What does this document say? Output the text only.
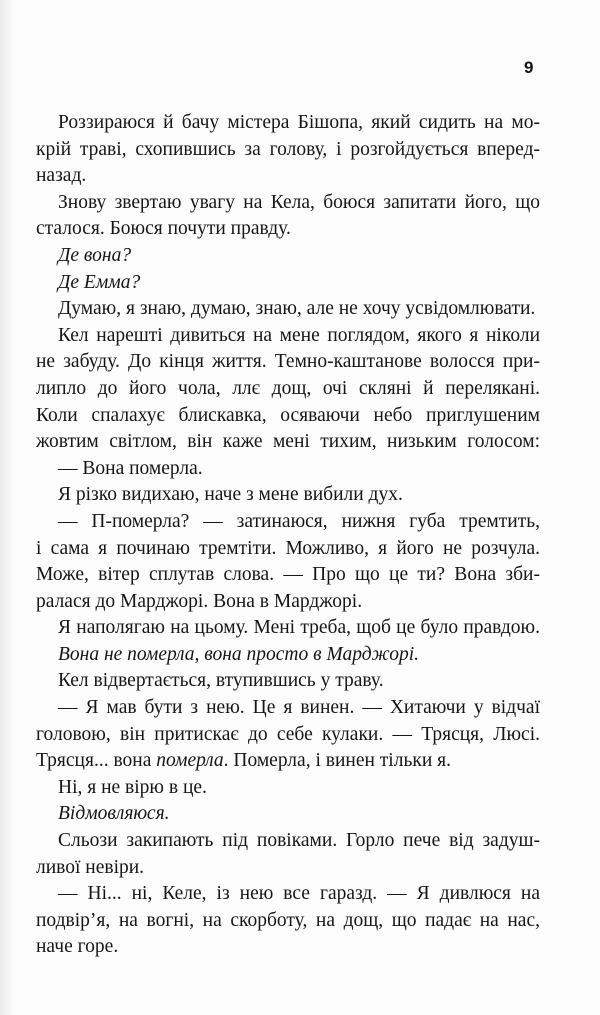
9
Роззираюся й бачу містера Бішопа, який сидить на мо-
крій траві, схопившись за голову, і розгойдується вперед-
назад.
Знову звертаю увагу на Кела, боюся запитати його, що
сталося. Боюся почути правду.
Де вона?
Де Емма?
Думаю, я знаю, думаю, знаю, але не хочу усвідомлювати.
Кел нарешті дивиться на мене поглядом, якого я ніколи
не забуду. До кінця життя. Темно-каштанове волосся при-
липло до його чола, ллє дощ, очі скляні й перелякані.
Коли спалахує блискавка, осяваючи небо приглушеним
жовтим світлом, він каже мені тихим, низьким голосом:
— Вона померла.
Я різко видихаю, наче з мене вибили дух.
— П-померла? — затинаюся, нижня губа тремтить,
і сама я починаю тремтіти. Можливо, я його не розчула.
Може, вітер сплутав слова. — Про що це ти? Вона зби-
ралася до Марджорі. Вона в Марджорі.
Я наполягаю на цьому. Мені треба, щоб це було правдою.
Вона не померла, вона просто в Марджорі.
Кел відвертається, втупившись у траву.
— Я мав бути з нею. Це я винен. — Хитаючи у відчаї
головою, він притискає до себе кулаки. — Трясця, Люсі.
Трясця... вона померла. Померла, і винен тільки я.
Ні, я не вірю в це.
Відмовляюся.
Сльози закипають під повіками. Горло пече від задуш-
ливої невіри.
— Ні... ні, Келе, із нею все гаразд. — Я дивлюся на
подвір’я, на вогні, на скорботу, на дощ, що падає на нас,
наче горе.
